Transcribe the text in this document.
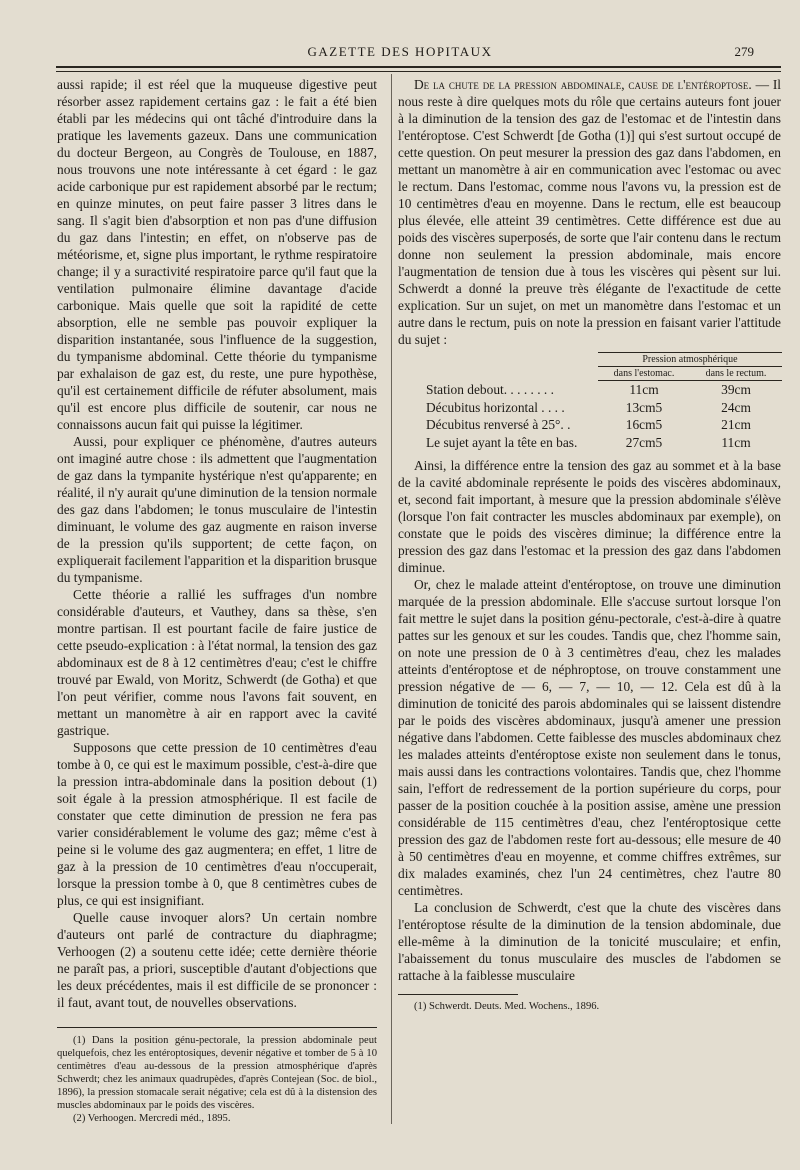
GAZETTE DES HOPITAUX	279

aussi rapide; il est réel que la muqueuse digestive peut résorber assez rapidement certains gaz : le fait a été bien établi par les médecins qui ont tâché d'introduire dans la pratique les lavements gazeux. Dans une communication du docteur Bergeon, au Congrès de Toulouse, en 1887, nous trouvons une note intéressante à cet égard : le gaz acide carbonique pur est rapidement absorbé par le rectum; en quinze minutes, on peut faire passer 3 litres dans le sang. Il s'agit bien d'absorption et non pas d'une diffusion du gaz dans l'intestin; en effet, on n'observe pas de météorisme, et, signe plus important, le rythme respiratoire change; il y a suractivité respiratoire parce qu'il faut que la ventilation pulmonaire élimine davantage d'acide carbonique. Mais quelle que soit la rapidité de cette absorption, elle ne semble pas pouvoir expliquer la disparition instantanée, sous l'influence de la suggestion, du tympanisme abdominal. Cette théorie du tympanisme par exhalaison de gaz est, du reste, une pure hypothèse, qu'il est certainement difficile de réfuter absolument, mais qu'il est encore plus difficile de soutenir, car nous ne connaissons aucun fait qui puisse la légitimer.

Aussi, pour expliquer ce phénomène, d'autres auteurs ont imaginé autre chose : ils admettent que l'augmentation de gaz dans la tympanite hystérique n'est qu'apparente; en réalité, il n'y aurait qu'une diminution de la tension normale des gaz dans l'abdomen; le tonus musculaire de l'intestin diminuant, le volume des gaz augmente en raison inverse de la pression qu'ils supportent; de cette façon, on expliquerait facilement l'apparition et la disparition brusque du tympanisme.

Cette théorie a rallié les suffrages d'un nombre considérable d'auteurs, et Vauthey, dans sa thèse, s'en montre partisan. Il est pourtant facile de faire justice de cette pseudo-explication : à l'état normal, la tension des gaz abdominaux est de 8 à 12 centimètres d'eau; c'est le chiffre trouvé par Ewald, von Moritz, Schwerdt (de Gotha) et que l'on peut vérifier, comme nous l'avons fait souvent, en mettant un manomètre à air en rapport avec la cavité gastrique.

Supposons que cette pression de 10 centimètres d'eau tombe à 0, ce qui est le maximum possible, c'est-à-dire que la pression intra-abdominale dans la position debout (1) soit égale à la pression atmosphérique. Il est facile de constater que cette diminution de pression ne fera pas varier considérablement le volume des gaz; même c'est à peine si le volume des gaz augmentera; en effet, 1 litre de gaz à la pression de 10 centimètres d'eau n'occuperait, lorsque la pression tombe à 0, que 8 centimètres cubes de plus, ce qui est insignifiant.

Quelle cause invoquer alors? Un certain nombre d'auteurs ont parlé de contracture du diaphragme; Verhoogen (2) a soutenu cette idée; cette dernière théorie ne paraît pas, a priori, susceptible d'autant d'objections que les deux précédentes, mais il est difficile de se prononcer : il faut, avant tout, de nouvelles observations.

(1) Dans la position génu-pectorale, la pression abdominale peut quelquefois, chez les entéroptosiques, devenir négative et tomber de 5 à 10 centimètres d'eau au-dessous de la pression atmosphérique d'après Schwerdt; chez les animaux quadrupèdes, d'après Contejean (Soc. de biol., 1896), la pression stomacale serait négative; cela est dû à la distension des muscles abdominaux par le poids des viscères.

(2) Verhoogen. Mercredi méd., 1895.

De la chute de la pression abdominale, cause de l'entéroptose. — Il nous reste à dire quelques mots du rôle que certains auteurs font jouer à la diminution de la tension des gaz de l'estomac et de l'intestin dans l'entéroptose. C'est Schwerdt [de Gotha (1)] qui s'est surtout occupé de cette question. On peut mesurer la pression des gaz dans l'abdomen, en mettant un manomètre à air en communication avec l'estomac ou avec le rectum. Dans l'estomac, comme nous l'avons vu, la pression est de 10 centimètres d'eau en moyenne. Dans le rectum, elle est beaucoup plus élevée, elle atteint 39 centimètres. Cette différence est due au poids des viscères superposés, de sorte que l'air contenu dans le rectum donne non seulement la pression abdominale, mais encore l'augmentation de tension due à tous les viscères qui pèsent sur lui. Schwerdt a donné la preuve très élégante de l'exactitude de cette explication. Sur un sujet, on met un manomètre dans l'estomac et un autre dans le rectum, puis on note la pression en faisant varier l'attitude du sujet :

	Pression atmosphérique	
	dans l'estomac.	dans le rectum.
Station debout. . . . . . . .	11cm	39cm
Décubitus horizontal . . . .	13cm5	24cm
Décubitus renversé à 25°. .	16cm5	21cm
Le sujet ayant la tête en bas.	27cm5	11cm

Ainsi, la différence entre la tension des gaz au sommet et à la base de la cavité abdominale représente le poids des viscères abdominaux, et, second fait important, à mesure que la pression abdominale s'élève (lorsque l'on fait contracter les muscles abdominaux par exemple), on constate que le poids des viscères diminue; la différence entre la pression des gaz dans l'estomac et la pression des gaz dans l'abdomen diminue.

Or, chez le malade atteint d'entéroptose, on trouve une diminution marquée de la pression abdominale. Elle s'accuse surtout lorsque l'on fait mettre le sujet dans la position génu-pectorale, c'est-à-dire à quatre pattes sur les genoux et sur les coudes. Tandis que, chez l'homme sain, on note une pression de 0 à 3 centimètres d'eau, chez les malades atteints d'entéroptose et de néphroptose, on trouve constamment une pression négative de — 6, — 7, — 10, — 12. Cela est dû à la diminution de tonicité des parois abdominales qui se laissent distendre par le poids des viscères abdominaux, jusqu'à amener une pression négative dans l'abdomen. Cette faiblesse des muscles abdominaux chez les malades atteints d'entéroptose existe non seulement dans le tonus, mais aussi dans les contractions volontaires. Tandis que, chez l'homme sain, l'effort de redressement de la portion supérieure du corps, pour passer de la position couchée à la position assise, amène une pression considérable de 115 centimètres d'eau, chez l'entéroptosique cette pression des gaz de l'abdomen reste fort au-dessous; elle mesure de 40 à 50 centimètres d'eau en moyenne, et comme chiffres extrêmes, sur dix malades examinés, chez l'un 24 centimètres, chez l'autre 80 centimètres.

La conclusion de Schwerdt, c'est que la chute des viscères dans l'entéroptose résulte de la diminution de la tension abdominale, due elle-même à la diminution de la tonicité musculaire; et enfin, l'abaissement du tonus musculaire des muscles de l'abdomen se rattache à la faiblesse musculaire

(1) Schwerdt. Deuts. Med. Wochens., 1896.
